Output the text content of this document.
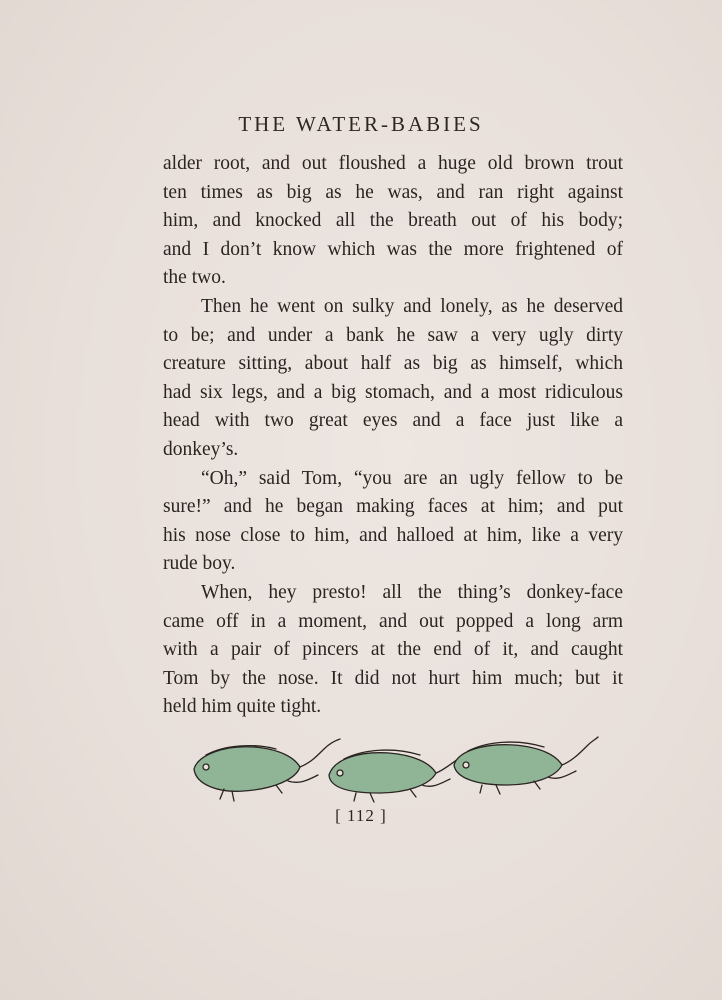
THE WATER-BABIES

alder root, and out floushed a huge old brown trout
ten times as big as he was, and ran right against
him, and knocked all the breath out of his body;
and I don’t know which was the more frightened of
the two.

Then he went on sulky and lonely, as he deserved
to be; and under a bank he saw a very ugly dirty
creature sitting, about half as big as himself, which
had six legs, and a big stomach, and a most ridiculous
head with two great eyes and a face just like a
donkey’s.

“Oh,” said Tom, “you are an ugly fellow to be
sure!” and he began making faces at him; and put
his nose close to him, and halloed at him, like a very
rude boy.

When, hey presto! all the thing’s donkey-face
came off in a moment, and out popped a long arm
with a pair of pincers at the end of it, and caught
Tom by the nose. It did not hurt him much; but it
held him quite tight.

[ 112 ]
